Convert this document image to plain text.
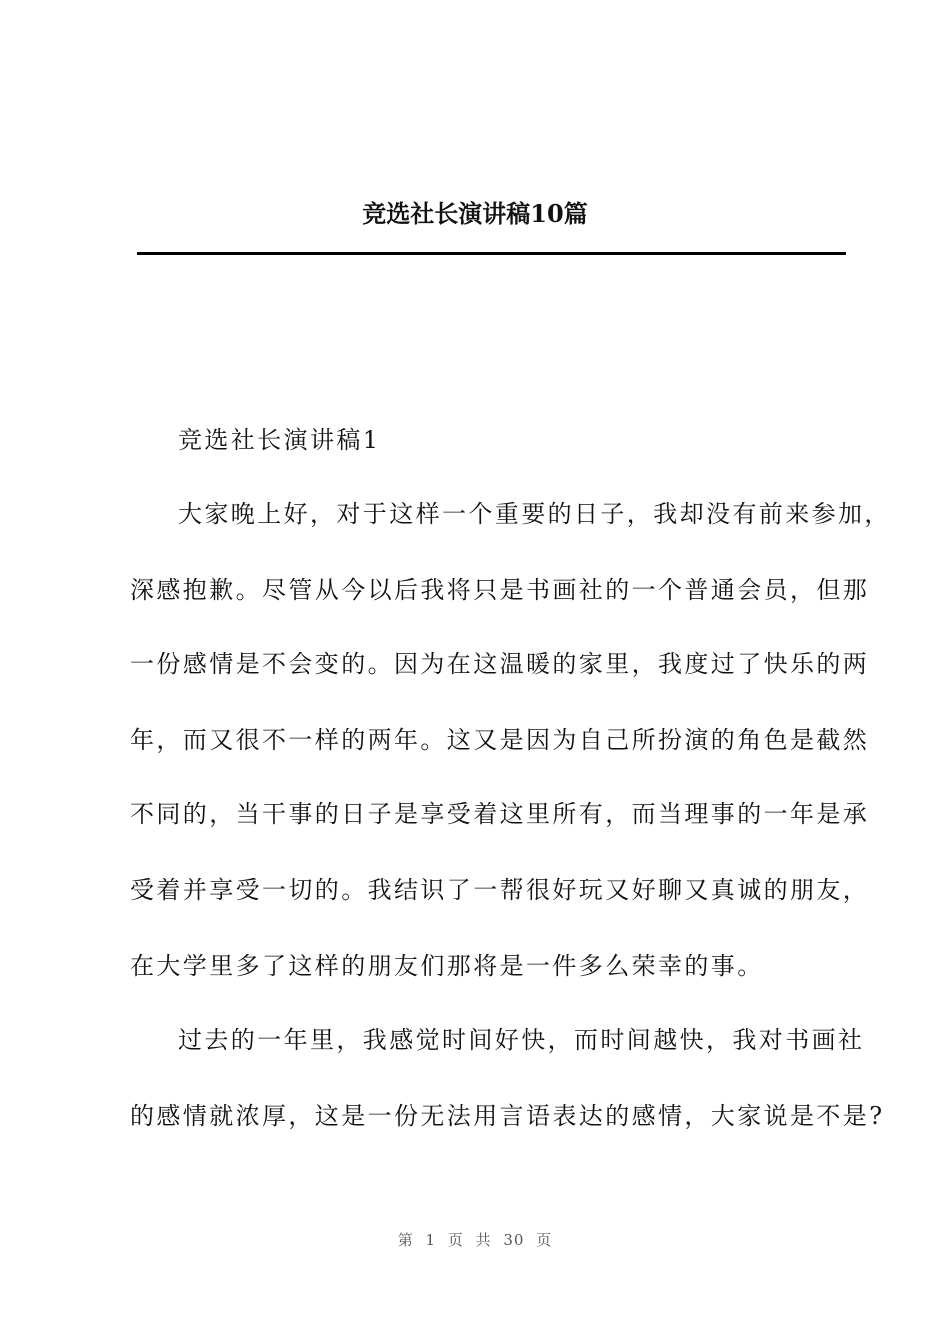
竞选社长演讲稿10篇
竞选社长演讲稿1
大家晚上好，对于这样一个重要的日子，我却没有前来参加，
深感抱歉。尽管从今以后我将只是书画社的一个普通会员，但那
一份感情是不会变的。因为在这温暖的家里，我度过了快乐的两
年，而又很不一样的两年。这又是因为自己所扮演的角色是截然
不同的，当干事的日子是享受着这里所有，而当理事的一年是承
受着并享受一切的。我结识了一帮很好玩又好聊又真诚的朋友，
在大学里多了这样的朋友们那将是一件多么荣幸的事。
过去的一年里，我感觉时间好快，而时间越快，我对书画社
的感情就浓厚，这是一份无法用言语表达的感情，大家说是不是?
第 1 页 共 30 页
